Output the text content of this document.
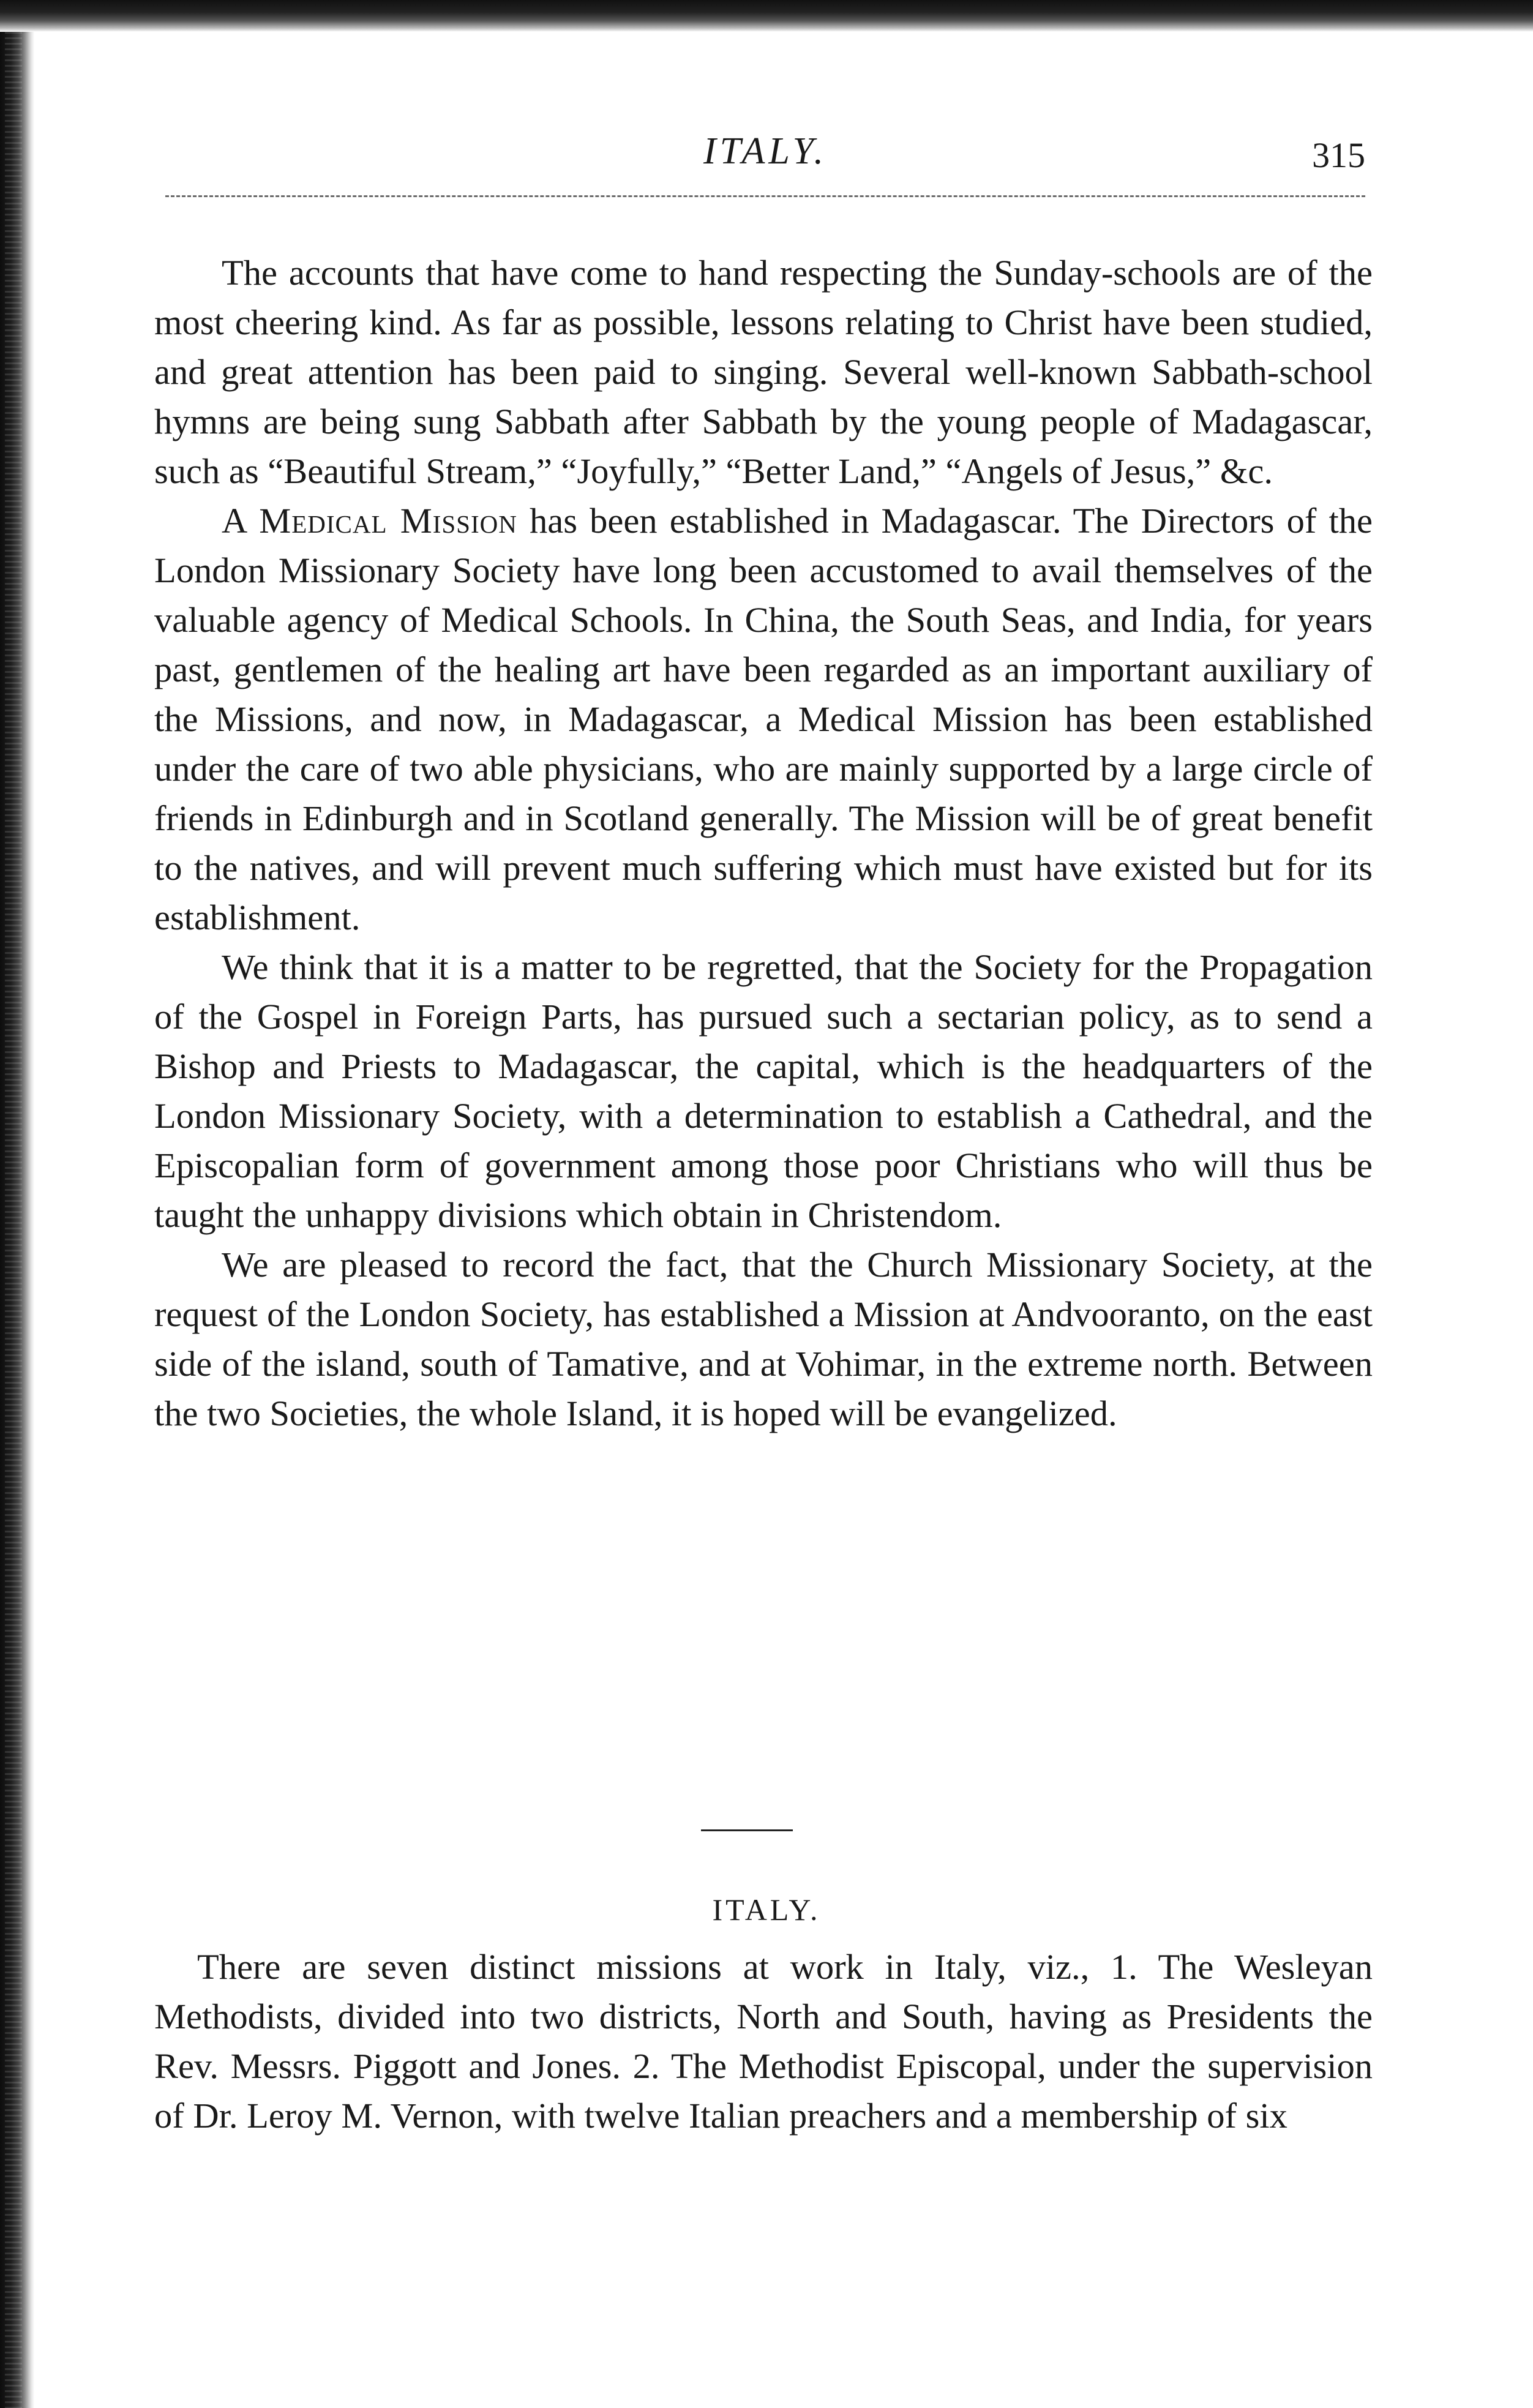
ITALY.	315

The accounts that have come to hand respecting the Sunday-schools are of the most cheering kind. As far as possible, lessons relating to Christ have been studied, and great attention has been paid to singing. Several well-known Sabbath-school hymns are being sung Sabbath after Sabbath by the young people of Madagascar, such as “Beautiful Stream,” “Joyfully,” “Better Land,” “Angels of Jesus,” &c.

A Medical Mission has been established in Madagascar. The Directors of the London Missionary Society have long been accustomed to avail themselves of the valuable agency of Medical Schools. In China, the South Seas, and India, for years past, gentlemen of the healing art have been regarded as an important auxiliary of the Missions, and now, in Madagascar, a Medical Mission has been established under the care of two able physicians, who are mainly supported by a large circle of friends in Edinburgh and in Scotland generally. The Mission will be of great benefit to the natives, and will prevent much suffering which must have existed but for its establishment.

We think that it is a matter to be regretted, that the Society for the Propagation of the Gospel in Foreign Parts, has pursued such a sectarian policy, as to send a Bishop and Priests to Madagascar, the capital, which is the headquarters of the London Missionary Society, with a determination to establish a Cathedral, and the Episcopalian form of government among those poor Christians who will thus be taught the unhappy divisions which obtain in Christendom.

We are pleased to record the fact, that the Church Missionary Society, at the request of the London Society, has established a Mission at Andvooranto, on the east side of the island, south of Tamative, and at Vohimar, in the extreme north. Between the two Societies, the whole Island, it is hoped will be evangelized.

ITALY.

There are seven distinct missions at work in Italy, viz., 1. The Wesleyan Methodists, divided into two districts, North and South, having as Presidents the Rev. Messrs. Piggott and Jones. 2. The Methodist Episcopal, under the supervision of Dr. Leroy M. Vernon, with twelve Italian preachers and a membership of six
